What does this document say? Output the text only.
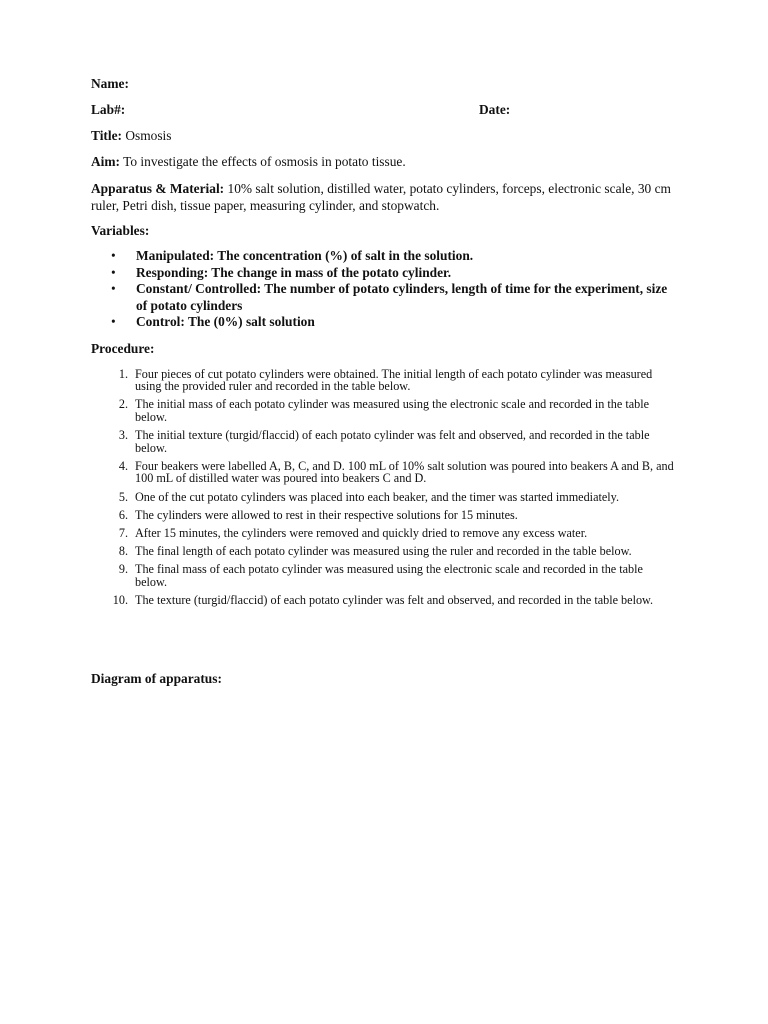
Name:
Lab#:	Date:
Title: Osmosis
Aim: To investigate the effects of osmosis in potato tissue.
Apparatus & Material: 10% salt solution, distilled water, potato cylinders, forceps, electronic scale, 30 cm ruler, Petri dish, tissue paper, measuring cylinder, and stopwatch.
Variables:
• Manipulated: The concentration (%) of salt in the solution.
• Responding: The change in mass of the potato cylinder.
• Constant/ Controlled: The number of potato cylinders, length of time for the experiment, size of potato cylinders
• Control: The (0%) salt solution
Procedure:
1. Four pieces of cut potato cylinders were obtained. The initial length of each potato cylinder was measured using the provided ruler and recorded in the table below.
2. The initial mass of each potato cylinder was measured using the electronic scale and recorded in the table below.
3. The initial texture (turgid/flaccid) of each potato cylinder was felt and observed, and recorded in the table below.
4. Four beakers were labelled A, B, C, and D. 100 mL of 10% salt solution was poured into beakers A and B, and 100 mL of distilled water was poured into beakers C and D.
5. One of the cut potato cylinders was placed into each beaker, and the timer was started immediately.
6. The cylinders were allowed to rest in their respective solutions for 15 minutes.
7. After 15 minutes, the cylinders were removed and quickly dried to remove any excess water.
8. The final length of each potato cylinder was measured using the ruler and recorded in the table below.
9. The final mass of each potato cylinder was measured using the electronic scale and recorded in the table below.
10. The texture (turgid/flaccid) of each potato cylinder was felt and observed, and recorded in the table below.
Diagram of apparatus:
